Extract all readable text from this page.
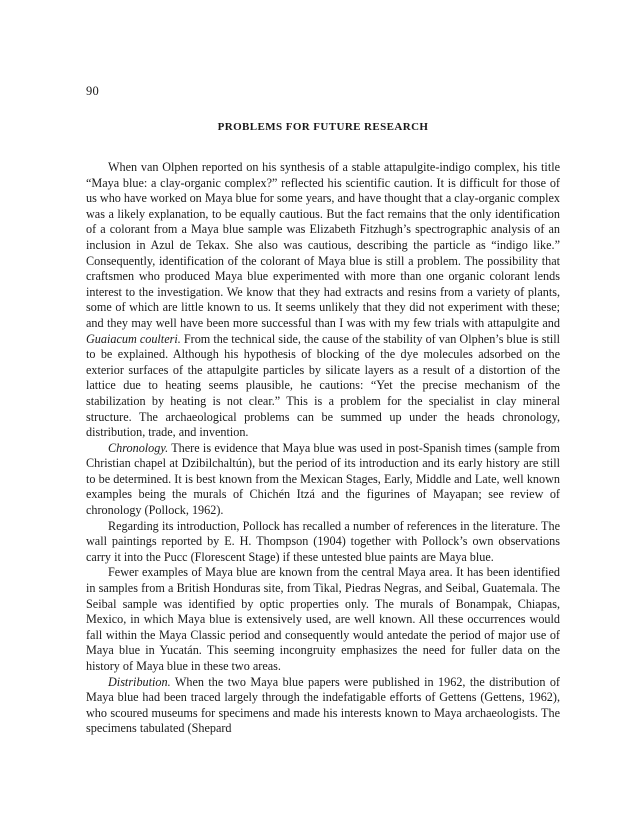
90
PROBLEMS FOR FUTURE RESEARCH

When van Olphen reported on his synthesis of a stable attapulgite-indigo complex, his title “Maya blue: a clay-organic complex?” reflected his scientific caution. It is difficult for those of us who have worked on Maya blue for some years, and have thought that a clay-organic complex was a likely explanation, to be equally cautious. But the fact remains that the only identification of a colorant from a Maya blue sample was Elizabeth Fitzhugh’s spectrographic analysis of an inclusion in Azul de Tekax. She also was cautious, describing the particle as “indigo like.” Consequently, identification of the colorant of Maya blue is still a problem. The possibility that craftsmen who produced Maya blue experimented with more than one organic colorant lends interest to the investigation. We know that they had extracts and resins from a variety of plants, some of which are little known to us. It seems unlikely that they did not experiment with these; and they may well have been more successful than I was with my few trials with attapulgite and Guaiacum coulteri. From the technical side, the cause of the stability of van Olphen’s blue is still to be explained. Although his hypothesis of blocking of the dye molecules adsorbed on the exterior surfaces of the attapulgite particles by silicate layers as a result of a distortion of the lattice due to heating seems plausible, he cautions: “Yet the precise mechanism of the stabilization by heating is not clear.” This is a problem for the specialist in clay mineral structure. The archaeological problems can be summed up under the heads chronology, distribution, trade, and invention.

Chronology. There is evidence that Maya blue was used in post-Spanish times (sample from Christian chapel at Dzibilchaltún), but the period of its introduction and its early history are still to be determined. It is best known from the Mexican Stages, Early, Middle and Late, well known examples being the murals of Chichén Itzá and the figurines of Mayapan; see review of chronology (Pollock, 1962).

Regarding its introduction, Pollock has recalled a number of references in the literature. The wall paintings reported by E. H. Thompson (1904) together with Pollock’s own observations carry it into the Pucc (Florescent Stage) if these untested blue paints are Maya blue.

Fewer examples of Maya blue are known from the central Maya area. It has been identified in samples from a British Honduras site, from Tikal, Piedras Negras, and Seibal, Guatemala. The Seibal sample was identified by optic properties only. The murals of Bonampak, Chiapas, Mexico, in which Maya blue is extensively used, are well known. All these occurrences would fall within the Maya Classic period and consequently would antedate the period of major use of Maya blue in Yucatán. This seeming incongruity emphasizes the need for fuller data on the history of Maya blue in these two areas.

Distribution. When the two Maya blue papers were published in 1962, the distribution of Maya blue had been traced largely through the indefatigable efforts of Gettens (Gettens, 1962), who scoured museums for specimens and made his interests known to Maya archaeologists. The specimens tabulated (Shepard
